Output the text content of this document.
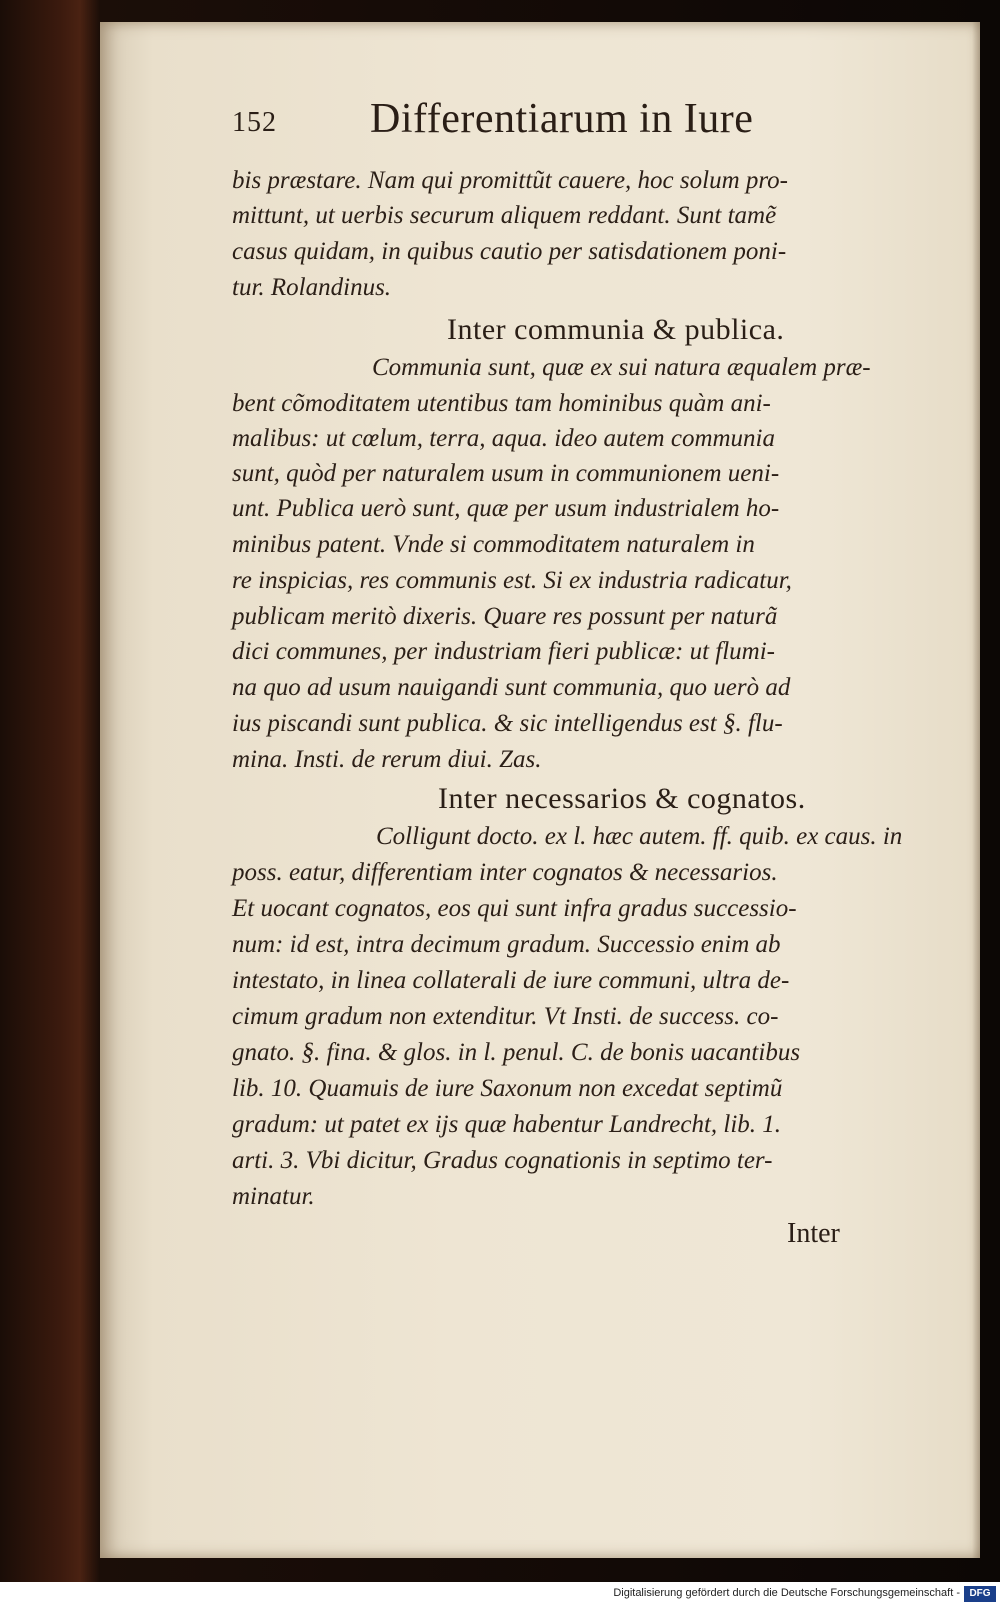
152 Differentiarum in Iure
bis præstare. Nam qui promittũt cauere, hoc solum pro-
mittunt, ut uerbis securum aliquem reddant. Sunt tamẽ
casus quidam, in quibus cautio per satisdationem poni-
tur. Rolandinus.
Inter communia & publica.
Communia sunt, quæ ex sui natura æqualem præ-
bent cõmoditatem utentibus tam hominibus quàm ani-
malibus: ut cœlum, terra, aqua. ideo autem communia
sunt, quòd per naturalem usum in communionem ueni-
unt. Publica uerò sunt, quæ per usum industrialem ho-
minibus patent. Vnde si commoditatem naturalem in
re inspicias, res communis est. Si ex industria radicatur,
publicam meritò dixeris. Quare res possunt per naturã
dici communes, per industriam fieri publicæ: ut flumi-
na quo ad usum nauigandi sunt communia, quo uerò ad
ius piscandi sunt publica. & sic intelligendus est §. flu-
mina. Insti. de rerum diui. Zas.
Inter necessarios & cognatos.
Colligunt docto. ex l. hæc autem. ff. quib. ex caus. in
poss. eatur, differentiam inter cognatos & necessarios.
Et uocant cognatos, eos qui sunt infra gradus successio-
num: id est, intra decimum gradum. Successio enim ab
intestato, in linea collaterali de iure communi, ultra de-
cimum gradum non extenditur. Vt Insti. de success. co-
gnato. §. fina. & glos. in l. penul. C. de bonis uacantibus
lib. 10. Quamuis de iure Saxonum non excedat septimũ
gradum: ut patet ex ijs quæ habentur Landrecht, lib. 1.
arti. 3. Vbi dicitur, Gradus cognationis in septimo ter-
minatur.
Inter
Digitalisierung gefördert durch die Deutsche Forschungsgemeinschaft - DFG
